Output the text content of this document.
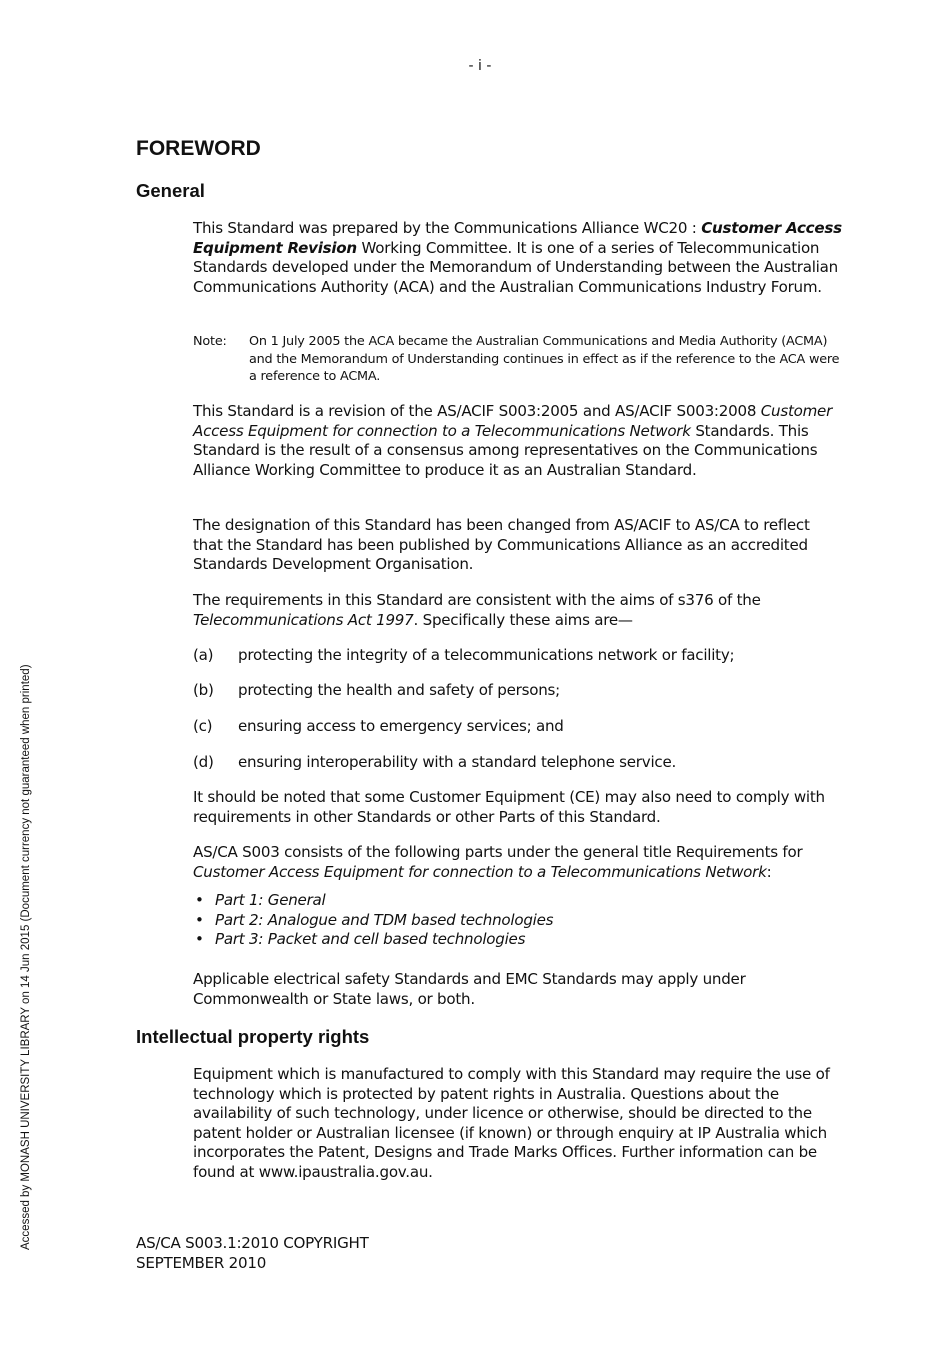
- i -
Accessed by MONASH UNIVERSITY LIBRARY on 14 Jun 2015 (Document currency not guaranteed when printed)
FOREWORD
General

This Standard was prepared by the Communications Alliance WC20 : Customer Access Equipment Revision Working Committee. It is one of a series of Telecommunication Standards developed under the Memorandum of Understanding between the Australian Communications Authority (ACA) and the Australian Communications Industry Forum.

Note: On 1 July 2005 the ACA became the Australian Communications and Media Authority (ACMA) and the Memorandum of Understanding continues in effect as if the reference to the ACA were a reference to ACMA.

This Standard is a revision of the AS/ACIF S003:2005 and AS/ACIF S003:2008 Customer Access Equipment for connection to a Telecommunications Network Standards. This Standard is the result of a consensus among representatives on the Communications Alliance Working Committee to produce it as an Australian Standard.

The designation of this Standard has been changed from AS/ACIF to AS/CA to reflect that the Standard has been published by Communications Alliance as an accredited Standards Development Organisation.

The requirements in this Standard are consistent with the aims of s376 of the Telecommunications Act 1997. Specifically these aims are—

(a) protecting the integrity of a telecommunications network or facility;
(b) protecting the health and safety of persons;
(c) ensuring access to emergency services; and
(d) ensuring interoperability with a standard telephone service.

It should be noted that some Customer Equipment (CE) may also need to comply with requirements in other Standards or other Parts of this Standard.

AS/CA S003 consists of the following parts under the general title Requirements for Customer Access Equipment for connection to a Telecommunications Network:

• Part 1: General
• Part 2: Analogue and TDM based technologies
• Part 3: Packet and cell based technologies

Applicable electrical safety Standards and EMC Standards may apply under Commonwealth or State laws, or both.

Intellectual property rights

Equipment which is manufactured to comply with this Standard may require the use of technology which is protected by patent rights in Australia. Questions about the availability of such technology, under licence or otherwise, should be directed to the patent holder or Australian licensee (if known) or through enquiry at IP Australia which incorporates the Patent, Designs and Trade Marks Offices. Further information can be found at www.ipaustralia.gov.au.

AS/CA S003.1:2010 COPYRIGHT
SEPTEMBER 2010
